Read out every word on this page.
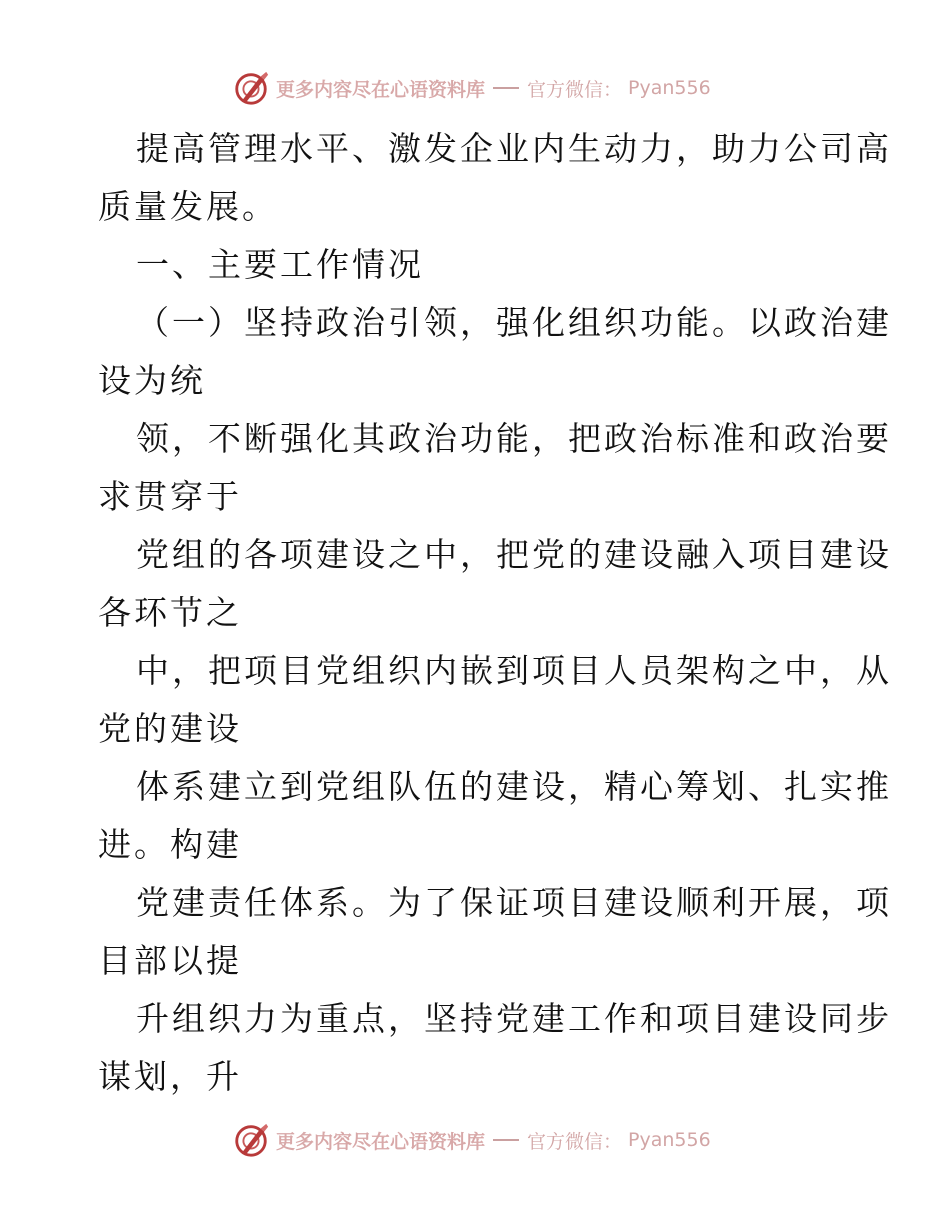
更多内容尽在心语资料库 官方微信： Pyan556
提高管理水平、激发企业内生动力，助力公司高
质量发展。
一、主要工作情况
（一）坚持政治引领，强化组织功能。以政治建
设为统
领，不断强化其政治功能，把政治标准和政治要
求贯穿于
党组的各项建设之中，把党的建设融入项目建设
各环节之
中，把项目党组织内嵌到项目人员架构之中，从
党的建设
体系建立到党组队伍的建设，精心筹划、扎实推
进。构建
党建责任体系。为了保证项目建设顺利开展，项
目部以提
升组织力为重点，坚持党建工作和项目建设同步
谋划，升
更多内容尽在心语资料库 官方微信： Pyan556
